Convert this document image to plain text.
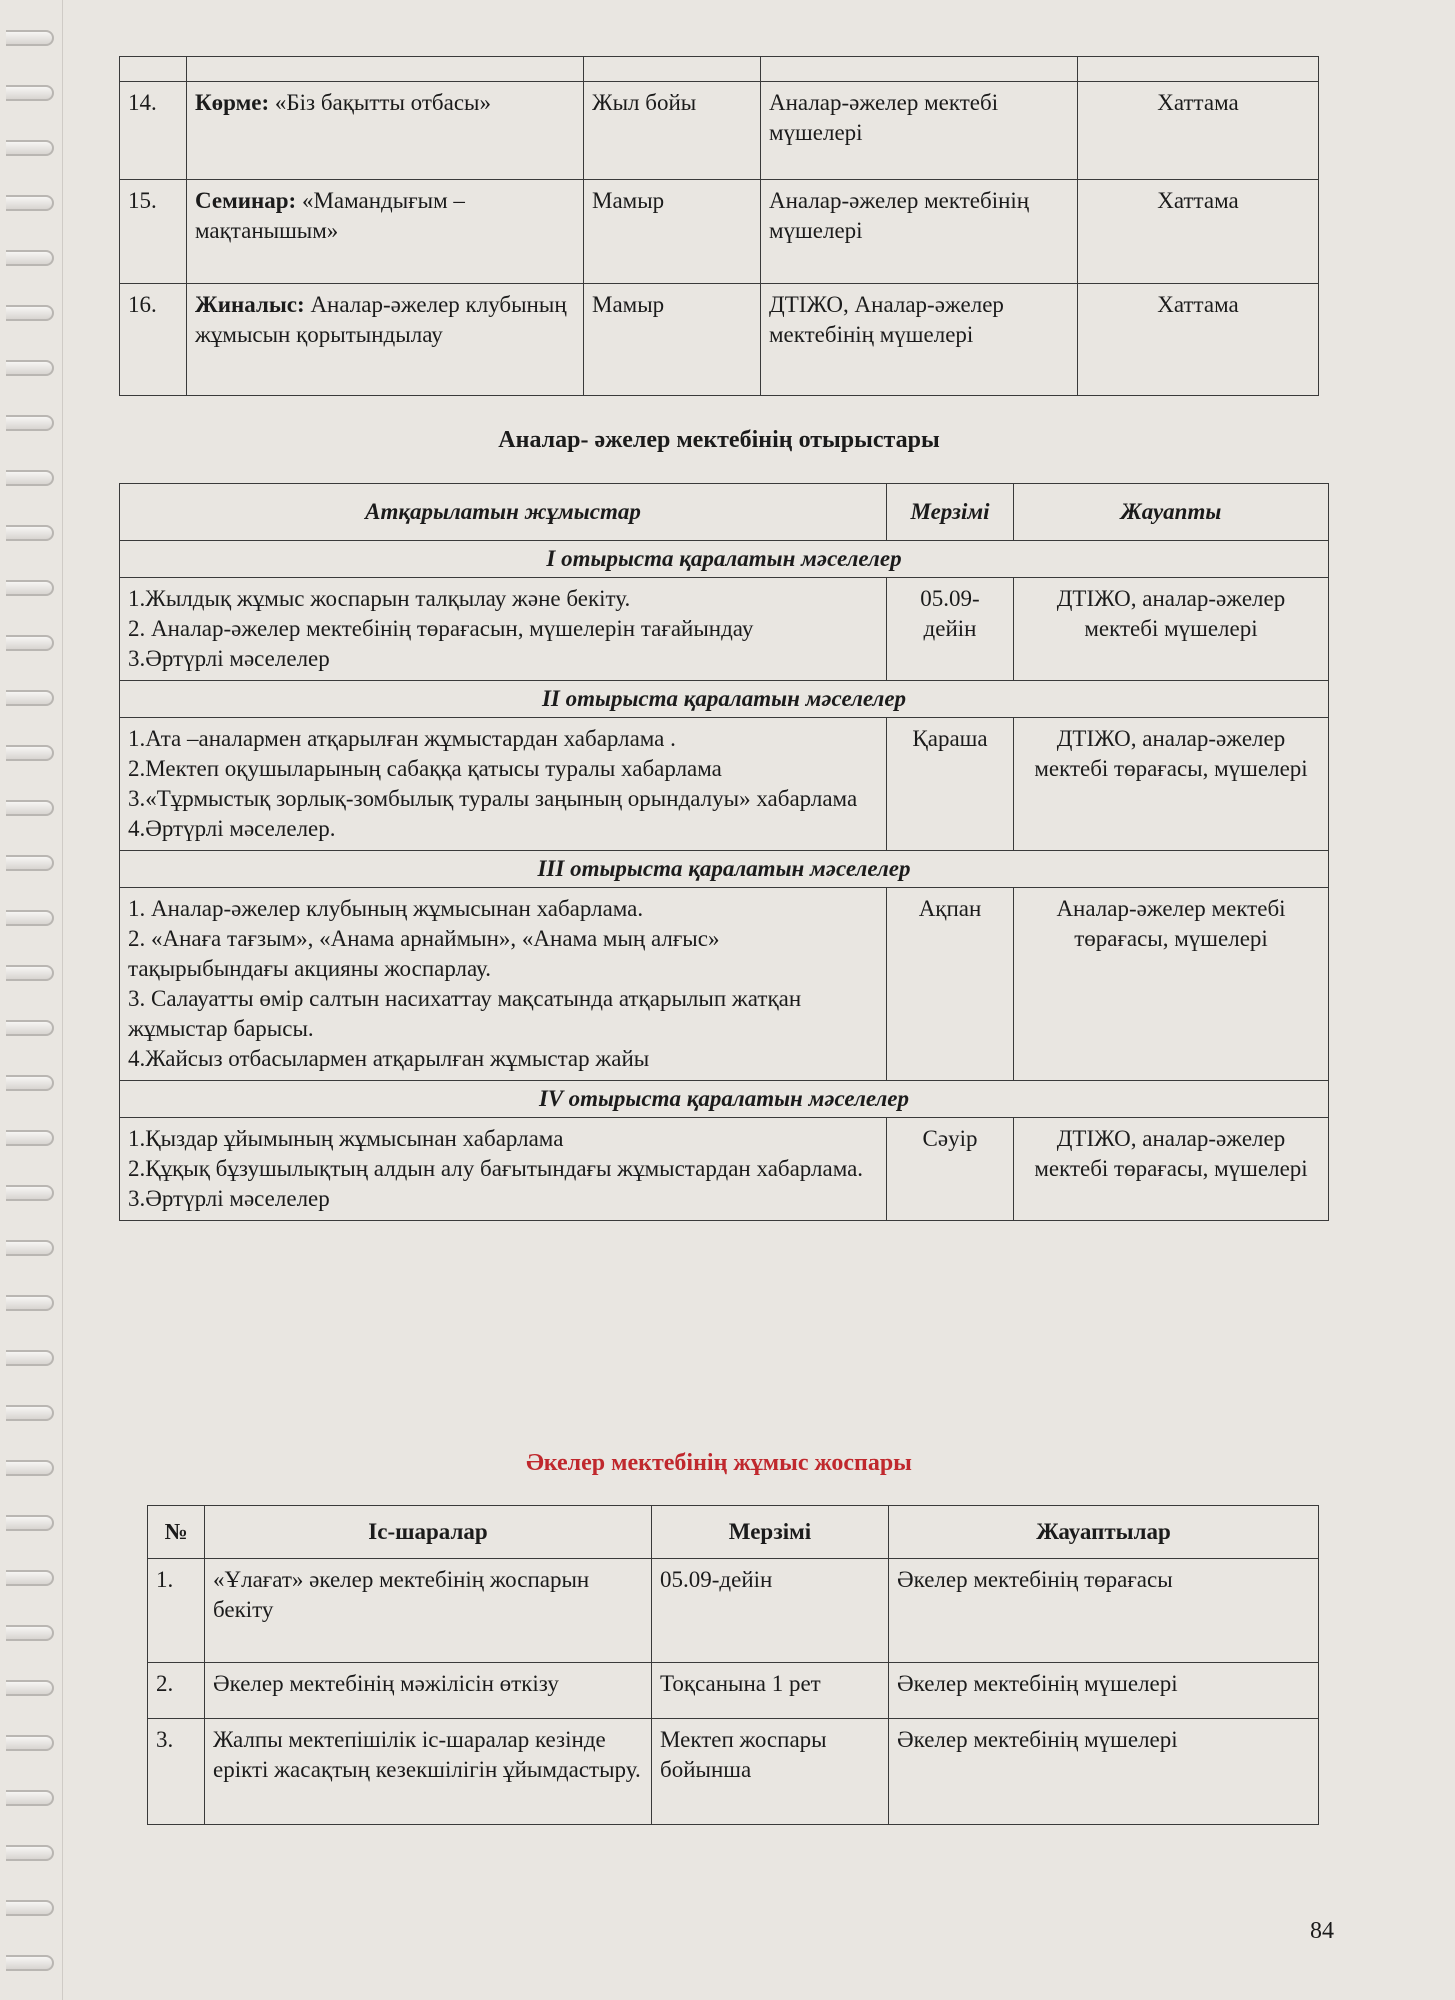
14.	Көрме: «Біз бақытты отбасы»	Жыл бойы	Аналар-әжелер мектебі мүшелері	Хаттама
15.	Семинар: «Мамандығым – мақтанышым»	Мамыр	Аналар-әжелер мектебінің мүшелері	Хаттама
16.	Жиналыс: Аналар-әжелер клубының жұмысын қорытындылау	Мамыр	ДТІЖО, Аналар-әжелер мектебінің мүшелері	Хаттама
Аналар- әжелер мектебінің отырыстары
Атқарылатын жұмыстар	Мерзімі	Жауапты
I отырыста қаралатын мәселелер		

1.Жылдық жұмыс жоспарын талқылау және бекіту.
2. Аналар-әжелер мектебінің төрағасын, мүшелерін тағайындау
3.Әртүрлі мәселелер	05.09-дейін	ДТІЖО, аналар-әжелер мектебі мүшелері
II отырыста қаралатын мәселелер		

1.Ата –аналармен атқарылған жұмыстардан хабарлама .
2.Мектеп оқушыларының сабаққа қатысы туралы хабарлама
3.«Тұрмыстық зорлық-зомбылық туралы заңының орындалуы» хабарлама
4.Әртүрлі мәселелер.	Қараша	ДТІЖО, аналар-әжелер мектебі төрағасы, мүшелері
III отырыста қаралатын мәселелер		

1. Аналар-әжелер клубының жұмысынан хабарлама.
2. «Анаға тағзым», «Анама арнаймын», «Анама мың алғыс» тақырыбындағы акцияны жоспарлау.
3. Салауатты өмір салтын насихаттау мақсатында атқарылып жатқан жұмыстар барысы.
4.Жайсыз отбасылармен атқарылған жұмыстар жайы	Ақпан	Аналар-әжелер мектебі төрағасы, мүшелері
IV отырыста қаралатын мәселелер		

1.Қыздар ұйымының жұмысынан хабарлама
2.Құқық бұзушылықтың алдын алу бағытындағы жұмыстардан хабарлама.
3.Әртүрлі мәселелер	Сәуір	ДТІЖО, аналар-әжелер мектебі төрағасы, мүшелері
Әкелер мектебінің жұмыс жоспары
№	Іс-шаралар	Мерзімі	Жауаптылар
1.	«Ұлағат» әкелер мектебінің жоспарын бекіту	05.09-дейін	Әкелер мектебінің төрағасы
2.	Әкелер мектебінің мәжілісін өткізу	Тоқсанына 1 рет	Әкелер мектебінің мүшелері
3.	Жалпы мектепішілік іс-шаралар кезінде ерікті жасақтың кезекшілігін ұйымдастыру.	Мектеп жоспары бойынша	Әкелер мектебінің мүшелері
84
